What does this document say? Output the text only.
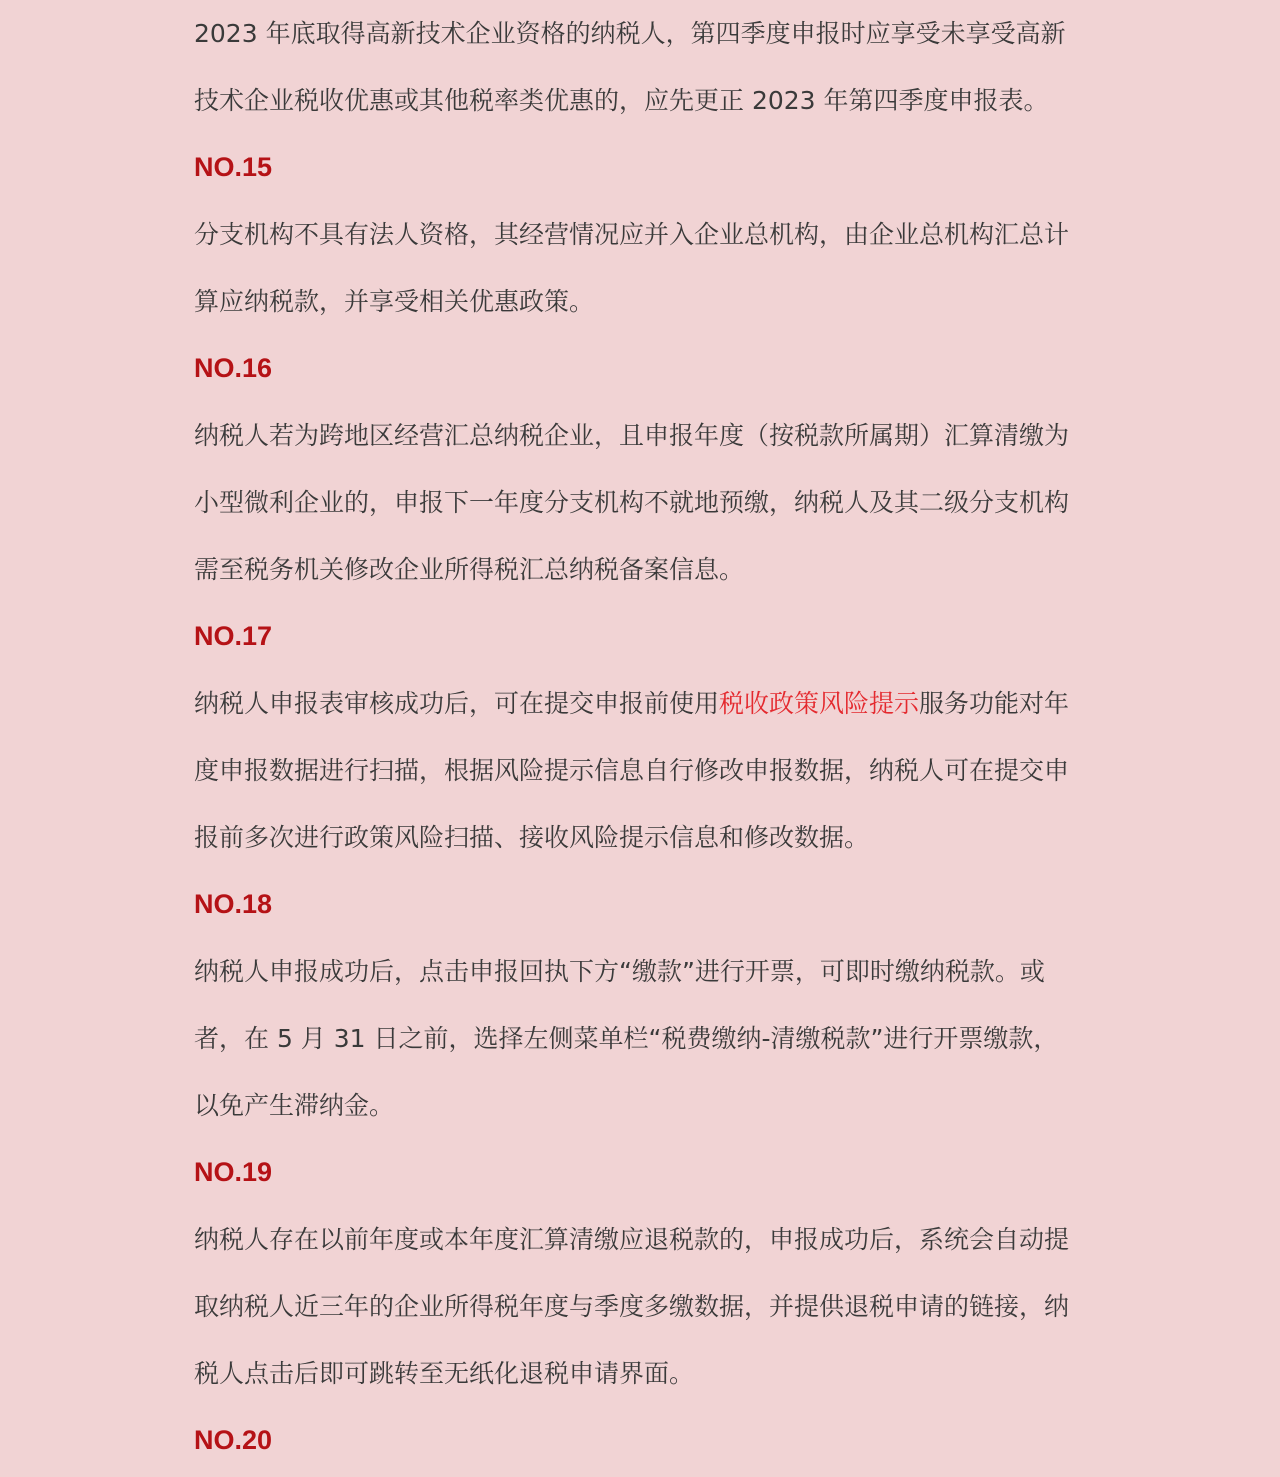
2023 年底取得高新技术企业资格的纳税人，第四季度申报时应享受未享受高新
技术企业税收优惠或其他税率类优惠的，应先更正 2023 年第四季度申报表。
NO.15
分支机构不具有法人资格，其经营情况应并入企业总机构，由企业总机构汇总计
算应纳税款，并享受相关优惠政策。
NO.16
纳税人若为跨地区经营汇总纳税企业，且申报年度（按税款所属期）汇算清缴为
小型微利企业的，申报下一年度分支机构不就地预缴，纳税人及其二级分支机构
需至税务机关修改企业所得税汇总纳税备案信息。
NO.17
纳税人申报表审核成功后，可在提交申报前使用税收政策风险提示服务功能对年
度申报数据进行扫描，根据风险提示信息自行修改申报数据，纳税人可在提交申
报前多次进行政策风险扫描、接收风险提示信息和修改数据。
NO.18
纳税人申报成功后，点击申报回执下方“缴款”进行开票，可即时缴纳税款。或
者，在 5 月 31 日之前，选择左侧菜单栏“税费缴纳-清缴税款”进行开票缴款，
以免产生滞纳金。
NO.19
纳税人存在以前年度或本年度汇算清缴应退税款的，申报成功后，系统会自动提
取纳税人近三年的企业所得税年度与季度多缴数据，并提供退税申请的链接，纳
税人点击后即可跳转至无纸化退税申请界面。
NO.20
